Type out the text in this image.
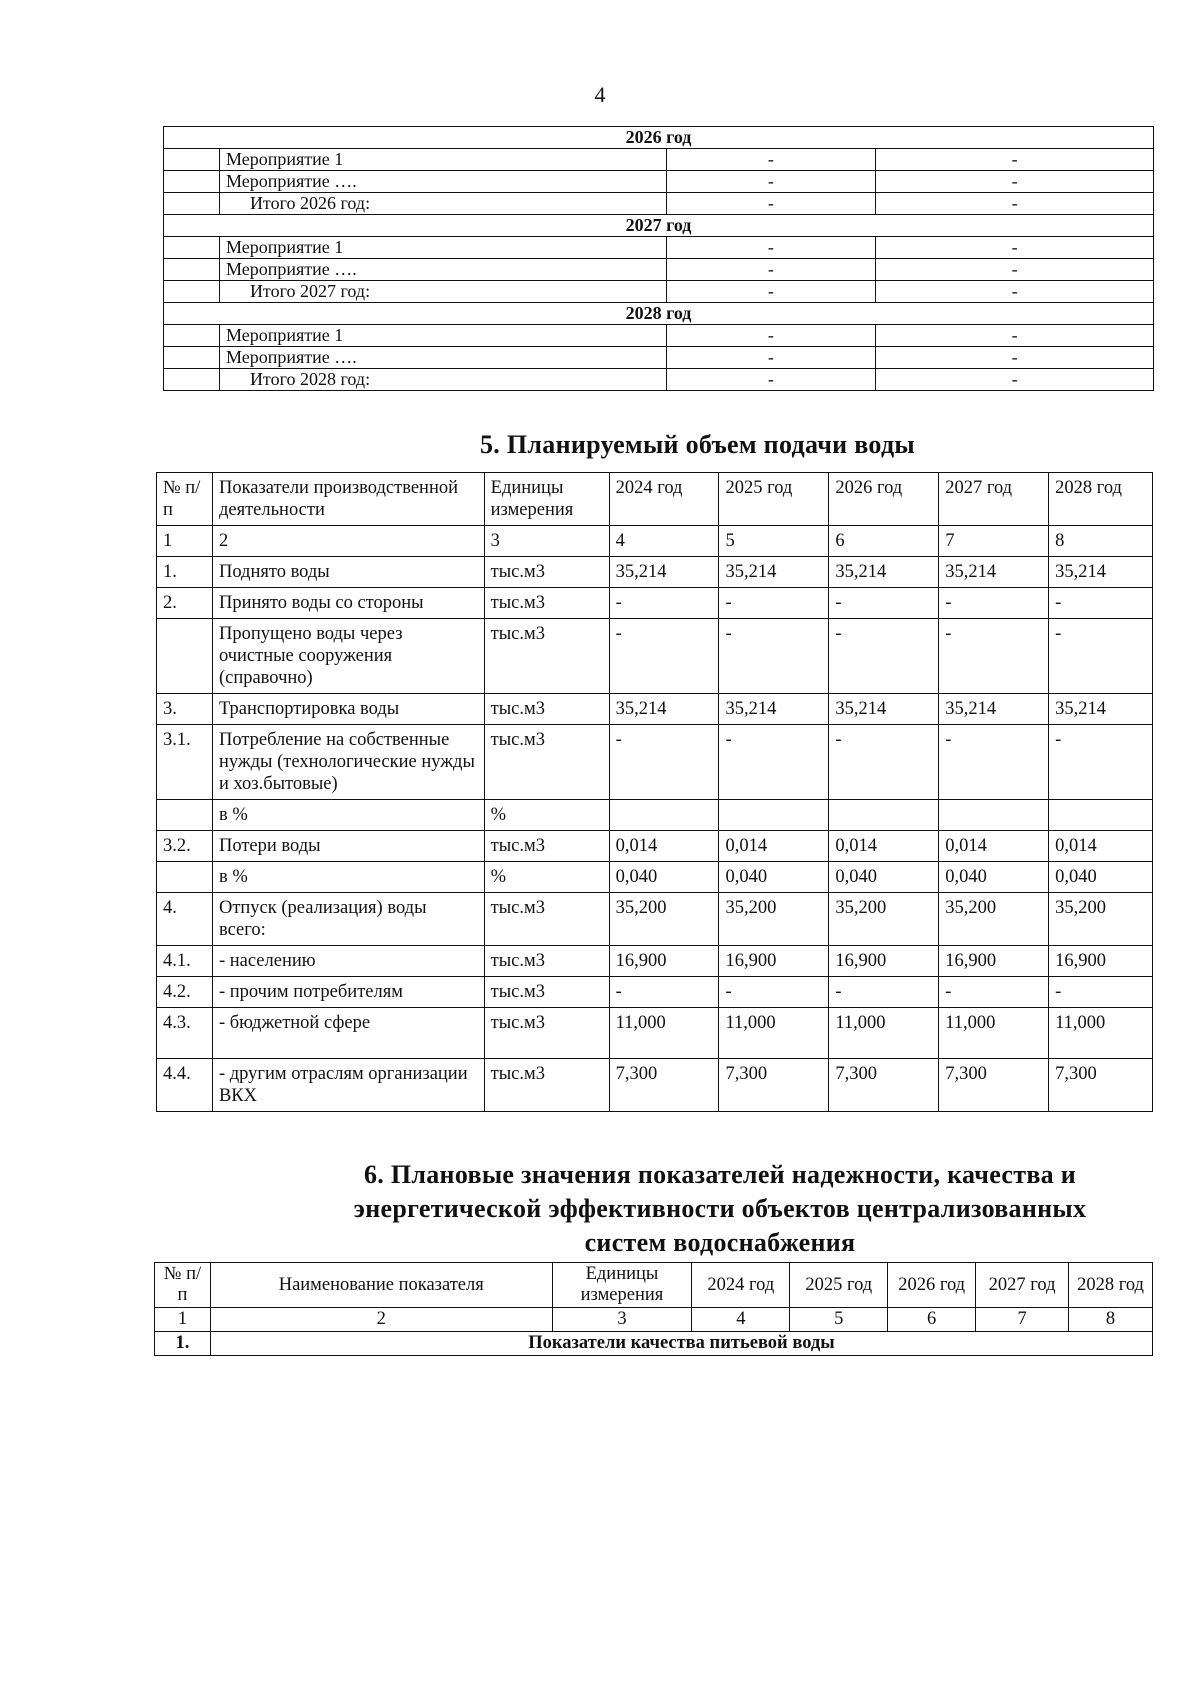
4
2026 год			
	Мероприятие 1	-	-
	Мероприятие ….	-	-
	Итого 2026 год:	-	-
2027 год			
	Мероприятие 1	-	-
	Мероприятие ….	-	-
	Итого 2027 год:	-	-
2028 год			
	Мероприятие 1	-	-
	Мероприятие ….	-	-
	Итого 2028 год:	-	-
5. Планируемый объем подачи воды
№ п/п	Показатели производственной деятельности	Единицы измерения	2024 год	2025 год	2026 год	2027 год	2028 год
1	2	3	4	5	6	7	8
1.	Поднято воды	тыс.м3	35,214	35,214	35,214	35,214	35,214
2.	Принято воды со стороны	тыс.м3	-	-	-	-	-
	Пропущено воды через очистные сооружения (справочно)	тыс.м3	-	-	-	-	-
3.	Транспортировка воды	тыс.м3	35,214	35,214	35,214	35,214	35,214
3.1.	Потребление на собственные нужды (технологические нужды и хоз.бытовые)	тыс.м3	-	-	-	-	-
	в %	%					
3.2.	Потери воды	тыс.м3	0,014	0,014	0,014	0,014	0,014
	в %	%	0,040	0,040	0,040	0,040	0,040
4.	Отпуск (реализация) воды всего:	тыс.м3	35,200	35,200	35,200	35,200	35,200
4.1.	- населению	тыс.м3	16,900	16,900	16,900	16,900	16,900
4.2.	- прочим потребителям	тыс.м3	-	-	-	-	-
4.3.	- бюджетной сфере	тыс.м3	11,000	11,000	11,000	11,000	11,000
4.4.	- другим отраслям организации ВКХ	тыс.м3	7,300	7,300	7,300	7,300	7,300
6. Плановые значения показателей надежности, качества и
энергетической эффективности объектов централизованных
систем водоснабжения
№ п/п	Наименование показателя	Единицы измерения	2024 год	2025 год	2026 год	2027 год	2028 год
1	2	3	4	5	6	7	8
1.	Показатели качества питьевой воды						
